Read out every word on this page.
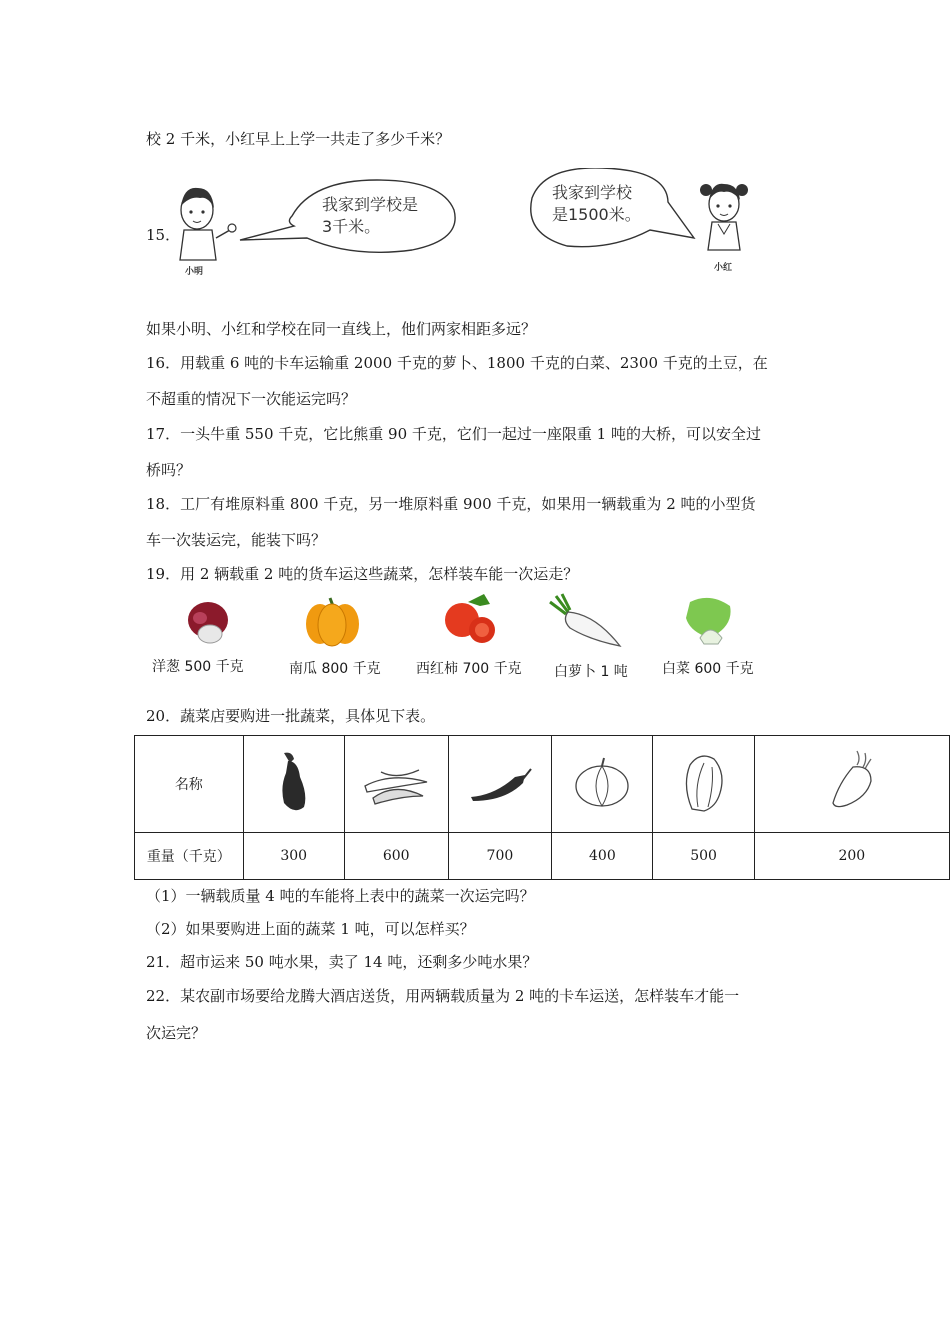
校 2 千米，小红早上上学一共走了多少千米？
15．
小明
我家到学校是
3千米。
我家到学校
是1500米。
小红
如果小明、小红和学校在同一直线上，他们两家相距多远？
16．用载重 6 吨的卡车运输重 2000 千克的萝卜、1800 千克的白菜、2300 千克的土豆，在
不超重的情况下一次能运完吗？
17．一头牛重 550 千克，它比熊重 90 千克，它们一起过一座限重 1 吨的大桥，可以安全过
桥吗？
18．工厂有堆原料重 800 千克，另一堆原料重 900 千克，如果用一辆载重为 2 吨的小型货
车一次装运完，能装下吗？
19．用 2 辆载重 2 吨的货车运这些蔬菜，怎样装车能一次运走？
洋葱 500 千克	南瓜 800 千克	西红柿 700 千克 白萝卜 1 吨 白菜 600 千克
20．蔬菜店要购进一批蔬菜，具体见下表。
名称						
重量（千克）	300	600	700	400	500	200
（1）一辆载质量 4 吨的车能将上表中的蔬菜一次运完吗？
（2）如果要购进上面的蔬菜 1 吨，可以怎样买？
21．超市运来 50 吨水果，卖了 14 吨，还剩多少吨水果？
22．某农副市场要给龙腾大酒店送货，用两辆载质量为 2 吨的卡车运送，怎样装车才能一
次运完？
